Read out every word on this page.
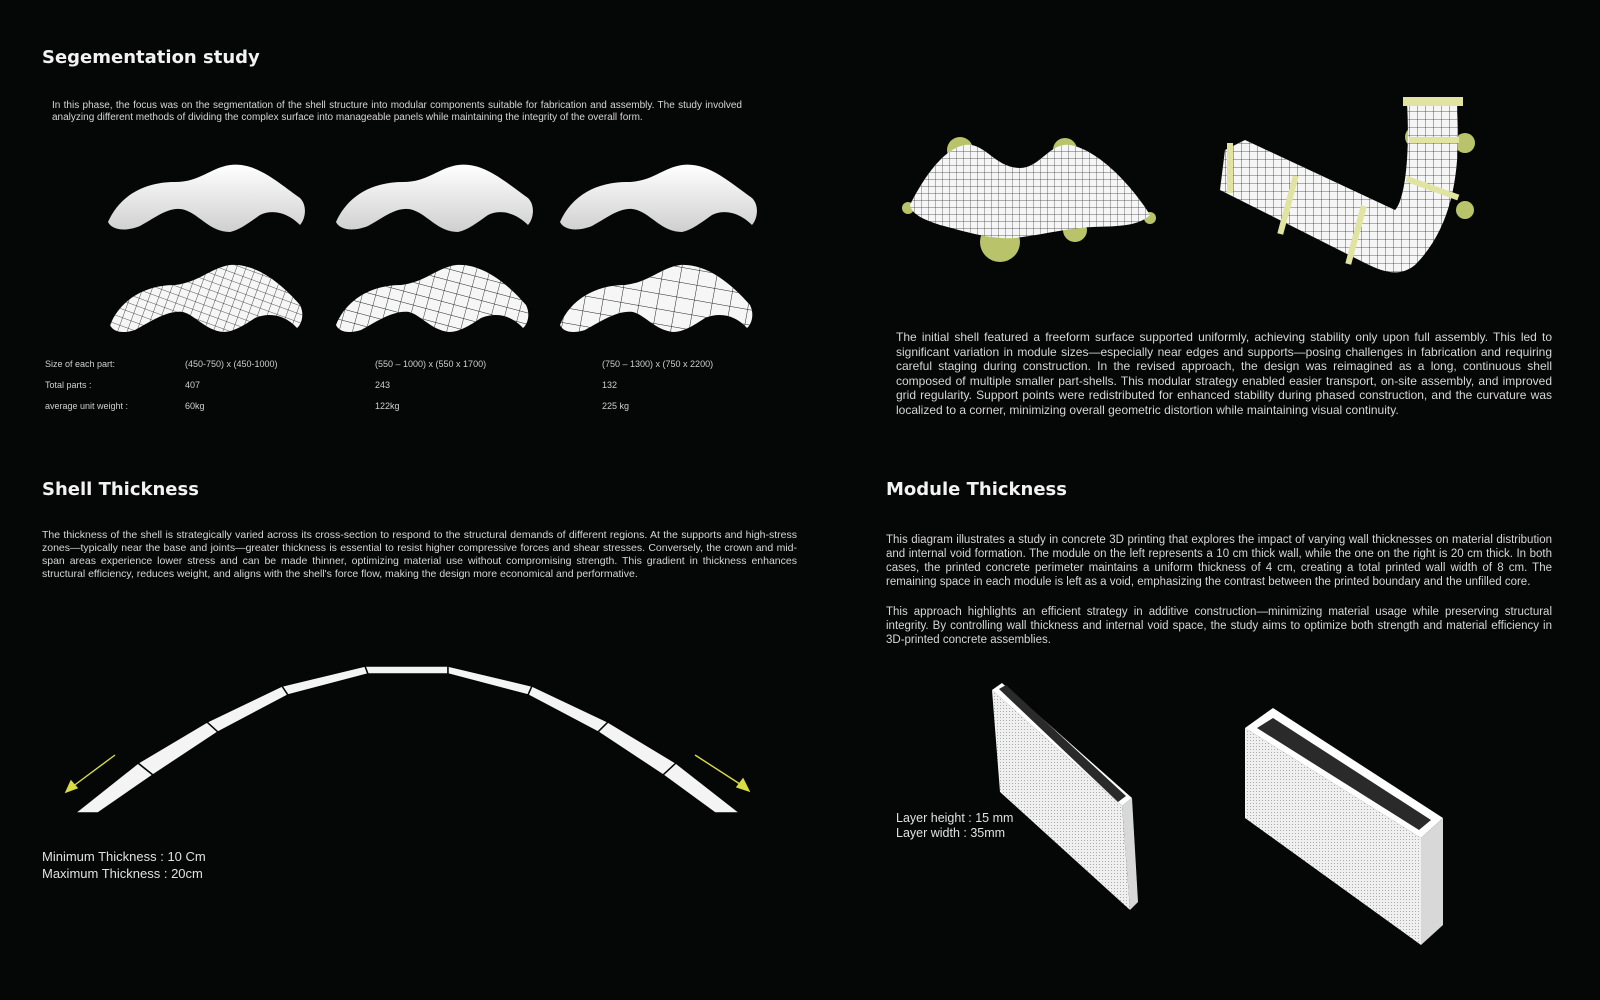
Segementation study
In this phase, the focus was on the segmentation of the shell structure into modular components suitable for fabrication and assembly. The study involved analyzing different methods of dividing the complex surface into manageable panels while maintaining the integrity of the overall form.
Size of each part:	(450-750) x (450-1000)	(550 – 1000) x (550 x 1700)	(750 – 1300) x (750 x 2200)
Total parts :	407	243	132
average unit weight :	60kg	122kg	225 kg
The initial shell featured a freeform surface supported uniformly, achieving stability only upon full assembly. This led to significant variation in module sizes—especially near edges and supports—posing challenges in fabrication and requiring careful staging during construction. In the revised approach, the design was reimagined as a long, continuous shell composed of multiple smaller part-shells. This modular strategy enabled easier transport, on-site assembly, and improved grid regularity. Support points were redistributed for enhanced stability during phased construction, and the curvature was localized to a corner, minimizing overall geometric distortion while maintaining visual continuity.
Shell Thickness
The thickness of the shell is strategically varied across its cross-section to respond to the structural demands of different regions. At the supports and high-stress zones—typically near the base and joints—greater thickness is essential to resist higher compressive forces and shear stresses. Conversely, the crown and mid-span areas experience lower stress and can be made thinner, optimizing material use without compromising strength. This gradient in thickness enhances structural efficiency, reduces weight, and aligns with the shell's force flow, making the design more economical and performative.
Minimum Thickness : 10 Cm
Maximum Thickness : 20cm
Module Thickness
This diagram illustrates a study in concrete 3D printing that explores the impact of varying wall thicknesses on material distribution and internal void formation. The module on the left represents a 10 cm thick wall, while the one on the right is 20 cm thick. In both cases, the printed concrete perimeter maintains a uniform thickness of 4 cm, creating a total printed wall width of 8 cm. The remaining space in each module is left as a void, emphasizing the contrast between the printed boundary and the unfilled core.
This approach highlights an efficient strategy in additive construction—minimizing material usage while preserving structural integrity. By controlling wall thickness and internal void space, the study aims to optimize both strength and material efficiency in 3D-printed concrete assemblies.
Layer height : 15 mm
Layer width : 35mm
